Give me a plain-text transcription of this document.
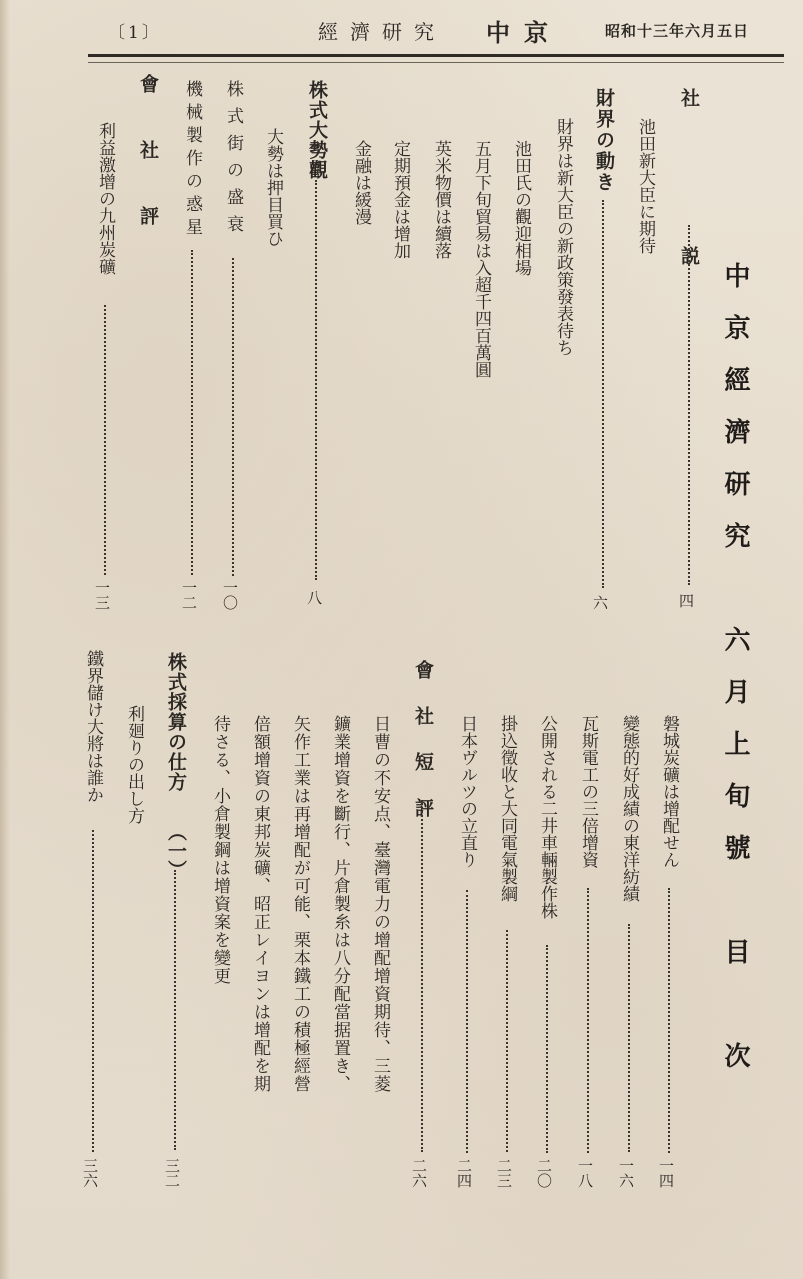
〔1〕	經濟研究 中京	昭和十三年六月五日
中京經濟研究　六月上旬號　目　次
社　説
四
池田新大臣に期待
財界の動き
六
財界は新大臣の新政策發表待ち
池田氏の觀迎相場
五月下旬貿易は入超千四百萬圓
英米物價は續落
定期預金は增加
金融は緩漫
株式大勢觀
八
大勢は押目買ひ
株式街の盛衰
一〇
機械製作の惑星
一二
會　社　評
利益激增の九州炭礦
一三
磐城炭礦は增配せん
一四
變態的好成績の東洋紡績
一六
瓦斯電工の三倍增資
一八
公開される二井車輛製作株
二〇
掛込徵收と大同電氣製綱
二三
日本ヴルツの立直り
二四
會　社　短　評
二六
日曹の不安点、臺灣電力の增配增資期待、三菱
鑛業增資を斷行、片倉製糸は八分配當据置き、
矢作工業は再增配が可能、栗本鐵工の積極經營
倍額增資の東邦炭礦、昭正レイヨンは增配を期
待さる、小倉製鋼は增資案を變更
株式採算の仕方
（一）
三二
利廻りの出し方
鐵界儲け大將は誰か
三六
